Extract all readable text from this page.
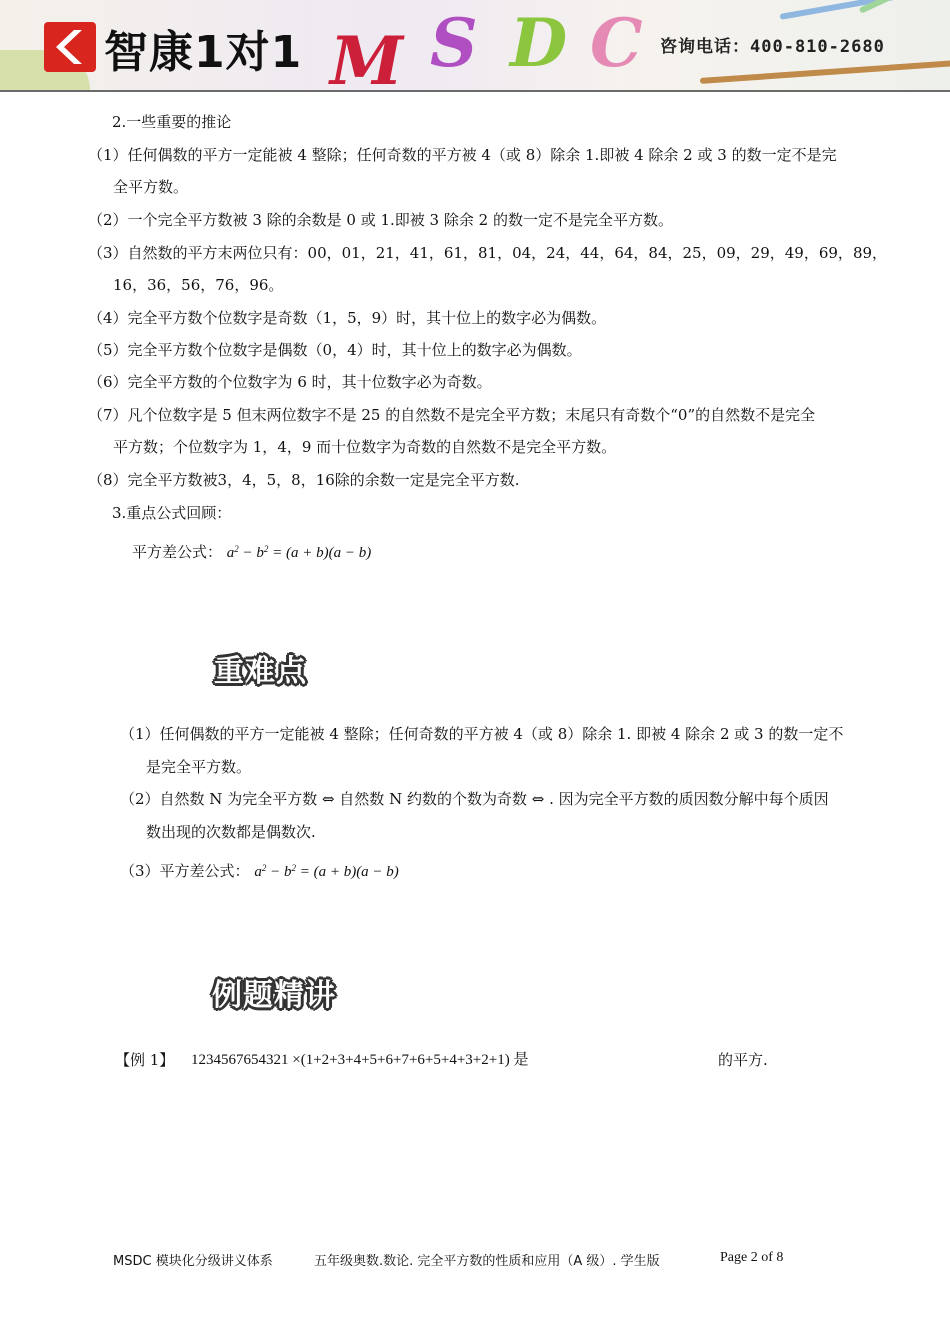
智康1对1 M S D C 咨询电话：400-810-2680
2.一些重要的推论
（1）任何偶数的平方一定能被 4 整除；任何奇数的平方被 4（或 8）除余 1.即被 4 除余 2 或 3 的数一定不是完
全平方数。
（2）一个完全平方数被 3 除的余数是 0 或 1.即被 3 除余 2 的数一定不是完全平方数。
（3）自然数的平方末两位只有：00，01，21，41，61，81，04，24，44，64，84，25，09，29，49，69，89，
16，36，56，76，96。
（4）完全平方数个位数字是奇数（1，5，9）时，其十位上的数字必为偶数。
（5）完全平方数个位数字是偶数（0，4）时，其十位上的数字必为偶数。
（6）完全平方数的个位数字为 6 时，其十位数字必为奇数。
（7）凡个位数字是 5 但末两位数字不是 25 的自然数不是完全平方数；末尾只有奇数个“0”的自然数不是完全
平方数；个位数字为 1，4，9 而十位数字为奇数的自然数不是完全平方数。
（8）完全平方数被3，4，5，8，16除的余数一定是完全平方数.
3.重点公式回顾：
平方差公式： $a^2 - b^2 = (a + b)(a - b)$
重难点
（1）任何偶数的平方一定能被 4 整除；任何奇数的平方被 4（或 8）除余 1. 即被 4 除余 2 或 3 的数一定不
是完全平方数。
（2）自然数 N 为完全平方数 ⇔ 自然数 N 约数的个数为奇数 ⇔ . 因为完全平方数的质因数分解中每个质因
数出现的次数都是偶数次.
（3）平方差公式： $a^2 - b^2 = (a + b)(a - b)$
例题精讲
【例 1】 1234567654321 ×(1+2+3+4+5+6+7+6+5+4+3+2+1) 是	的平方.
MSDC 模块化分级讲义体系	五年级奥数.数论. 完全平方数的性质和应用（A 级）. 学生版	Page 2 of 8
